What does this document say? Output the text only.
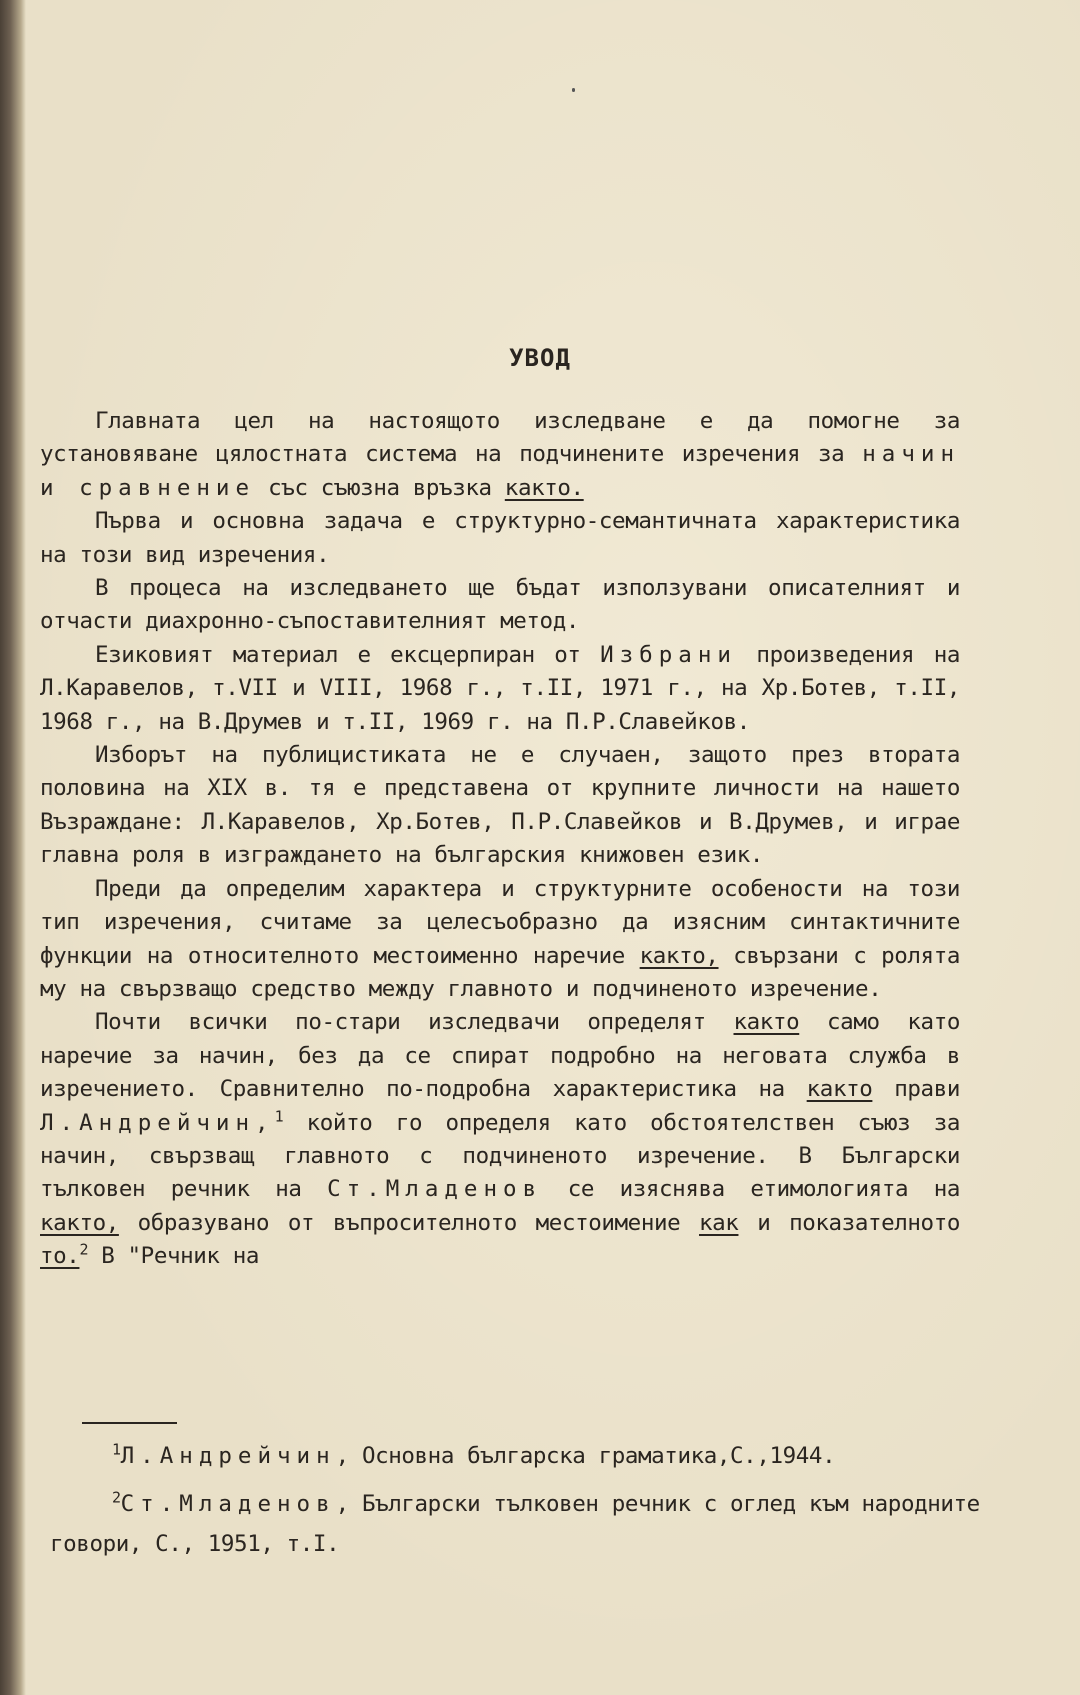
УВОД

Главната цел на настоящото изследване е да помогне за установяване цялостната система на подчинените изречения за начин и сравнение със съюзна връзка както.

Първа и основна задача е структурно-семантичната характеристика на този вид изречения.

В процеса на изследването ще бъдат използувани описателният и отчасти диахронно-съпоставителният метод.

Езиковият материал е ексцерпиран от Избрани произведения на Л.Каравелов, т.VII и VIII, 1968 г., т.II, 1971 г., на Хр.Ботев, т.II, 1968 г., на В.Друмев и т.II, 1969 г. на П.Р.Славейков.

Изборът на публицистиката не е случаен, защото през втората половина на XIX в. тя е представена от крупните личности на нашето Възраждане: Л.Каравелов, Хр.Ботев, П.Р.Славейков и В.Друмев, и играе главна роля в изграждането на българския книжовен език.

Преди да определим характера и структурните особености на този тип изречения, считаме за целесъобразно да изясним синтактичните функции на относителното местоименно наречие както, свързани с ролята му на свързващо средство между главното и подчиненото изречение.

Почти всички по-стари изследвачи определят както само като наречие за начин, без да се спират подробно на неговата служба в изречението. Сравнително по-подробна характеристика на както прави Л.Андрейчин,$^1$ който го определя като обстоятелствен съюз за начин, свързващ главното с подчиненото изречение. В Български тълковен речник на Ст.Младенов се изяснява етимологията на както, образувано от въпросителното местоимение как и показателното то.$^2$ В "Речник на

$^1$Л.Андрейчин, Основна българска граматика,С.,1944.

$^2$Ст.Младенов, Български тълковен речник с оглед към народните говори, С., 1951, т.I.
